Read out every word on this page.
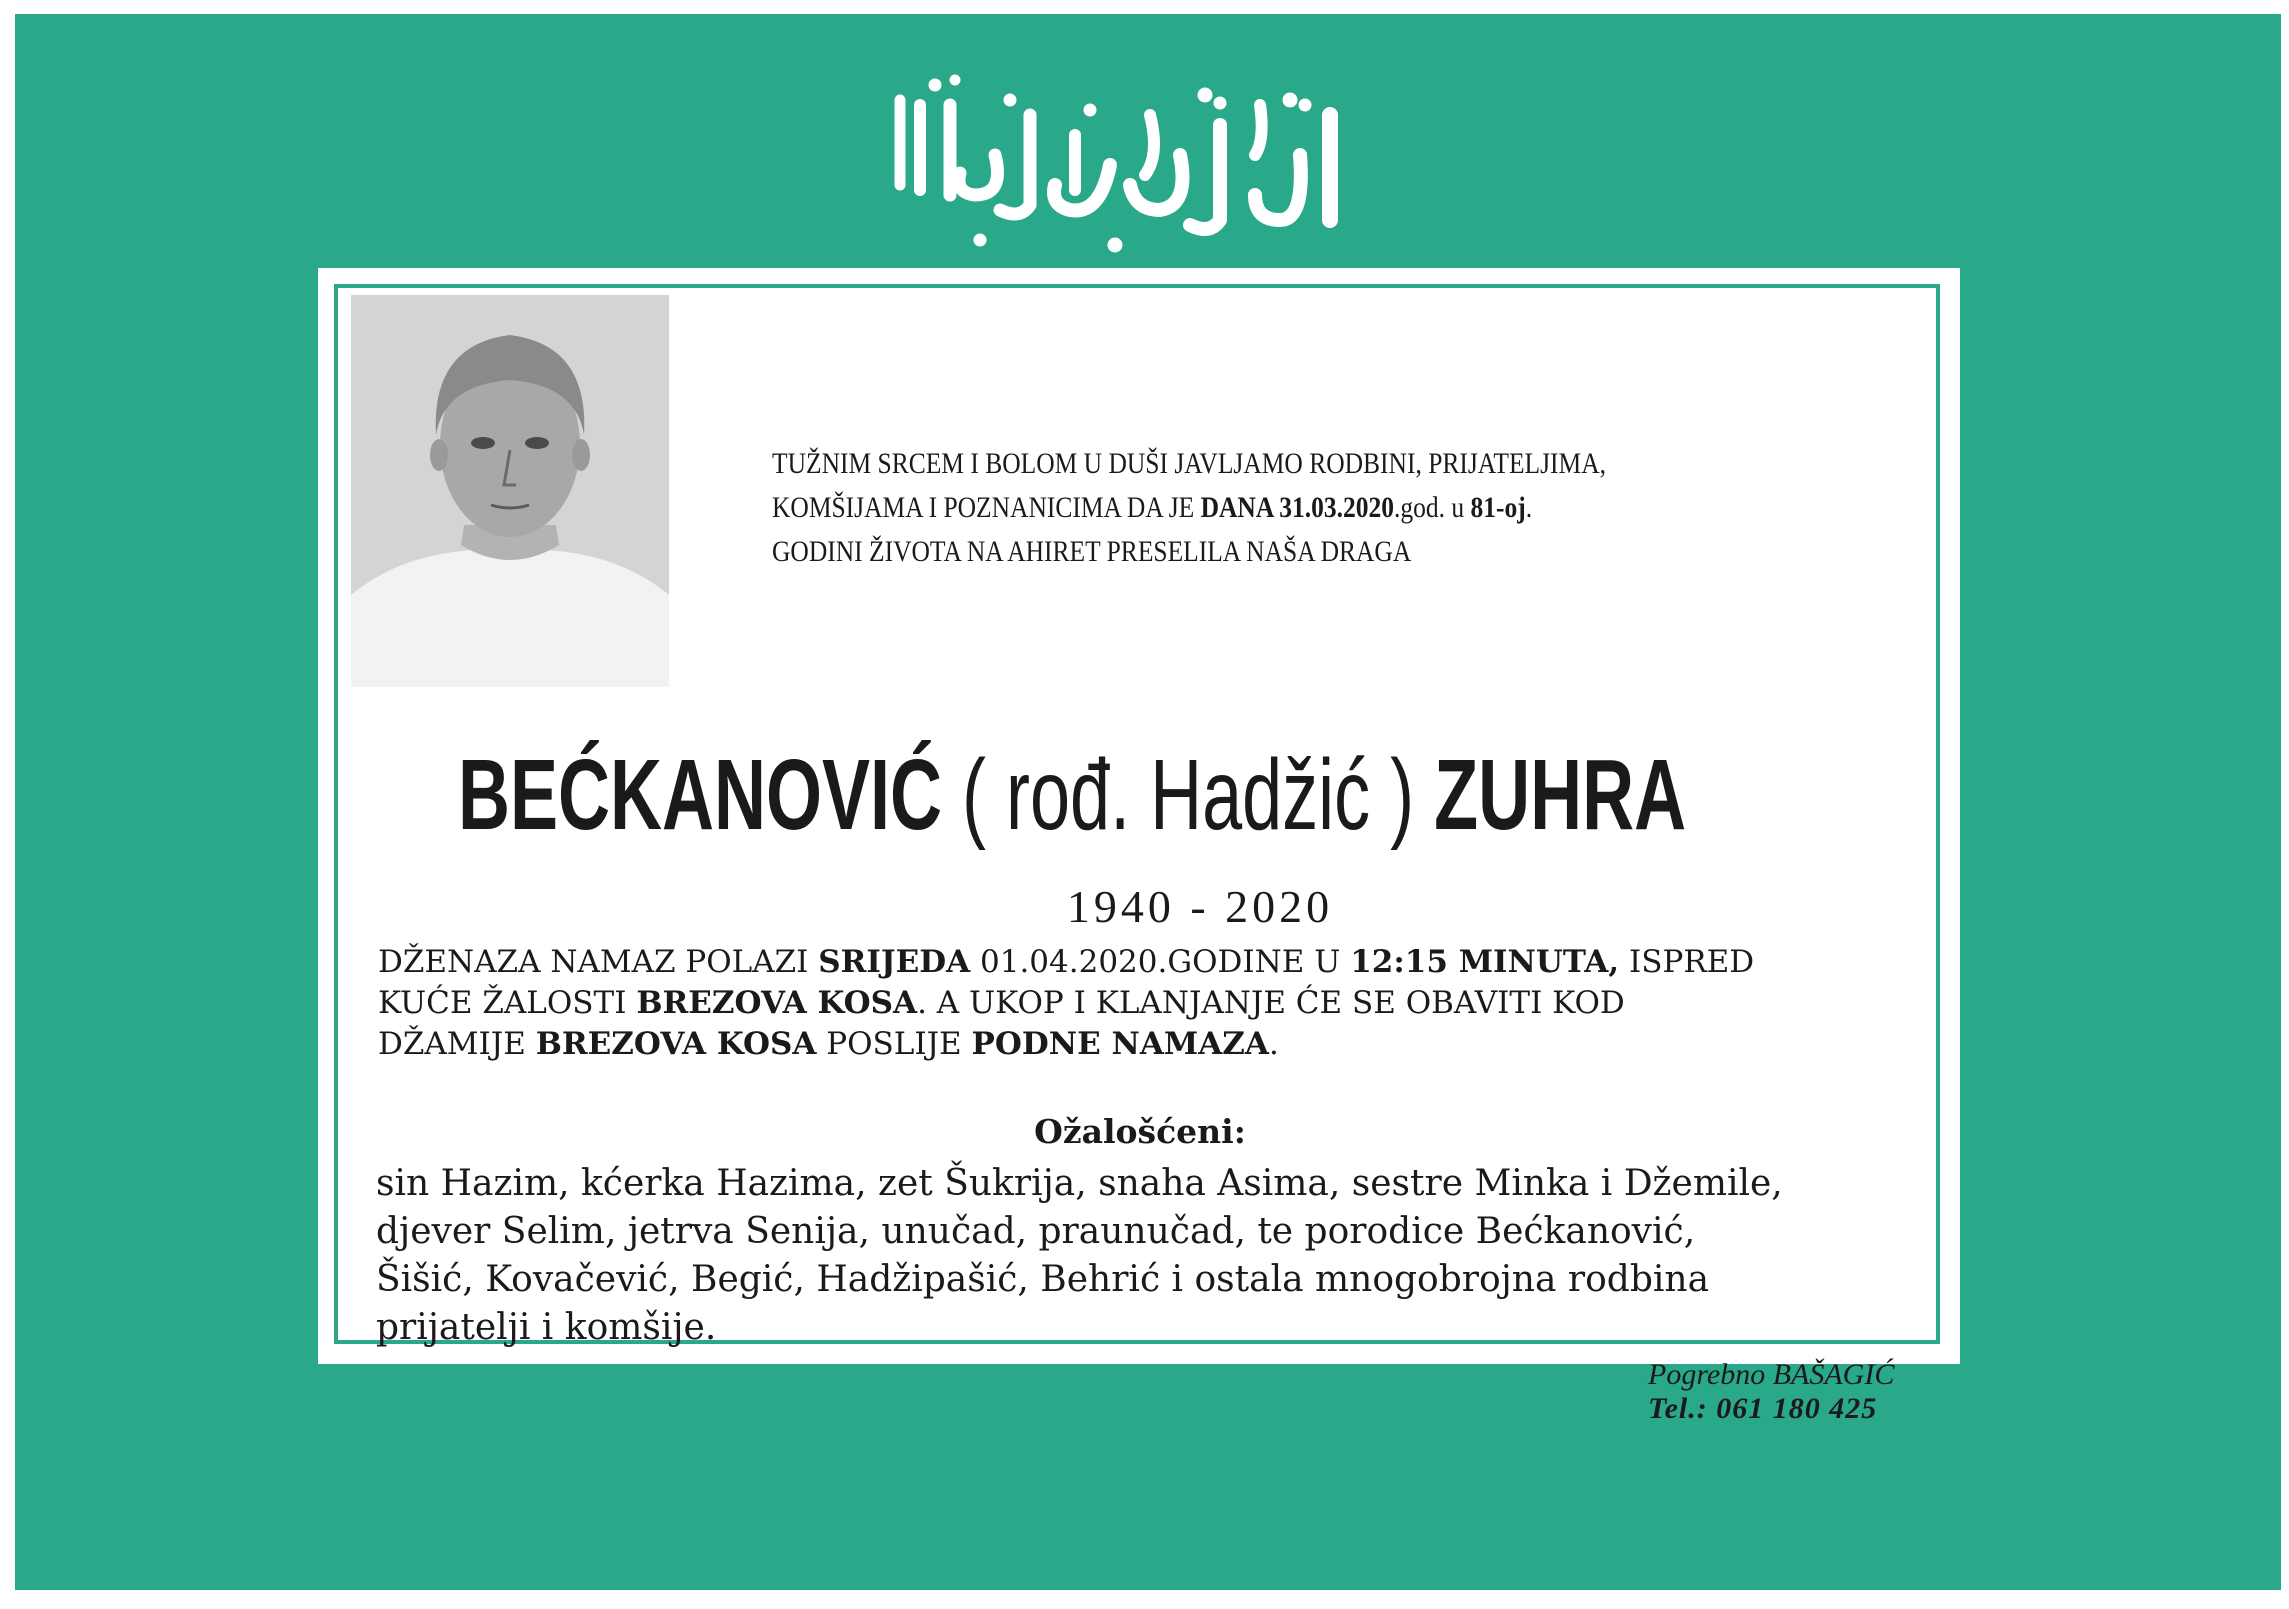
TUŽNIM SRCEM I BOLOM U DUŠI JAVLJAMO RODBINI, PRIJATELJIMA,
KOMŠIJAMA I POZNANICIMA DA JE DANA 31.03.2020.god. u 81-oj.
GODINI ŽIVOTA NA AHIRET PRESELILA NAŠA DRAGA
BEĆKANOVIĆ ( rođ. Hadžić ) ZUHRA
1940 - 2020
DŽENAZA NAMAZ POLAZI SRIJEDA 01.04.2020.GODINE U 12:15 MINUTA, ISPRED
KUĆE ŽALOSTI BREZOVA KOSA. A UKOP I KLANJANJE ĆE SE OBAVITI KOD
DŽAMIJE BREZOVA KOSA POSLIJE PODNE NAMAZA.
Ožalošćeni:
sin Hazim, kćerka Hazima, zet Šukrija, snaha Asima, sestre Minka i Džemile,
djever Selim, jetrva Senija, unučad, praunučad, te porodice Bećkanović,
Šišić, Kovačević, Begić, Hadžipašić, Behrić i ostala mnogobrojna rodbina
prijatelji i komšije.
Pogrebno BAŠAGIĆ
Tel.: 061 180 425
